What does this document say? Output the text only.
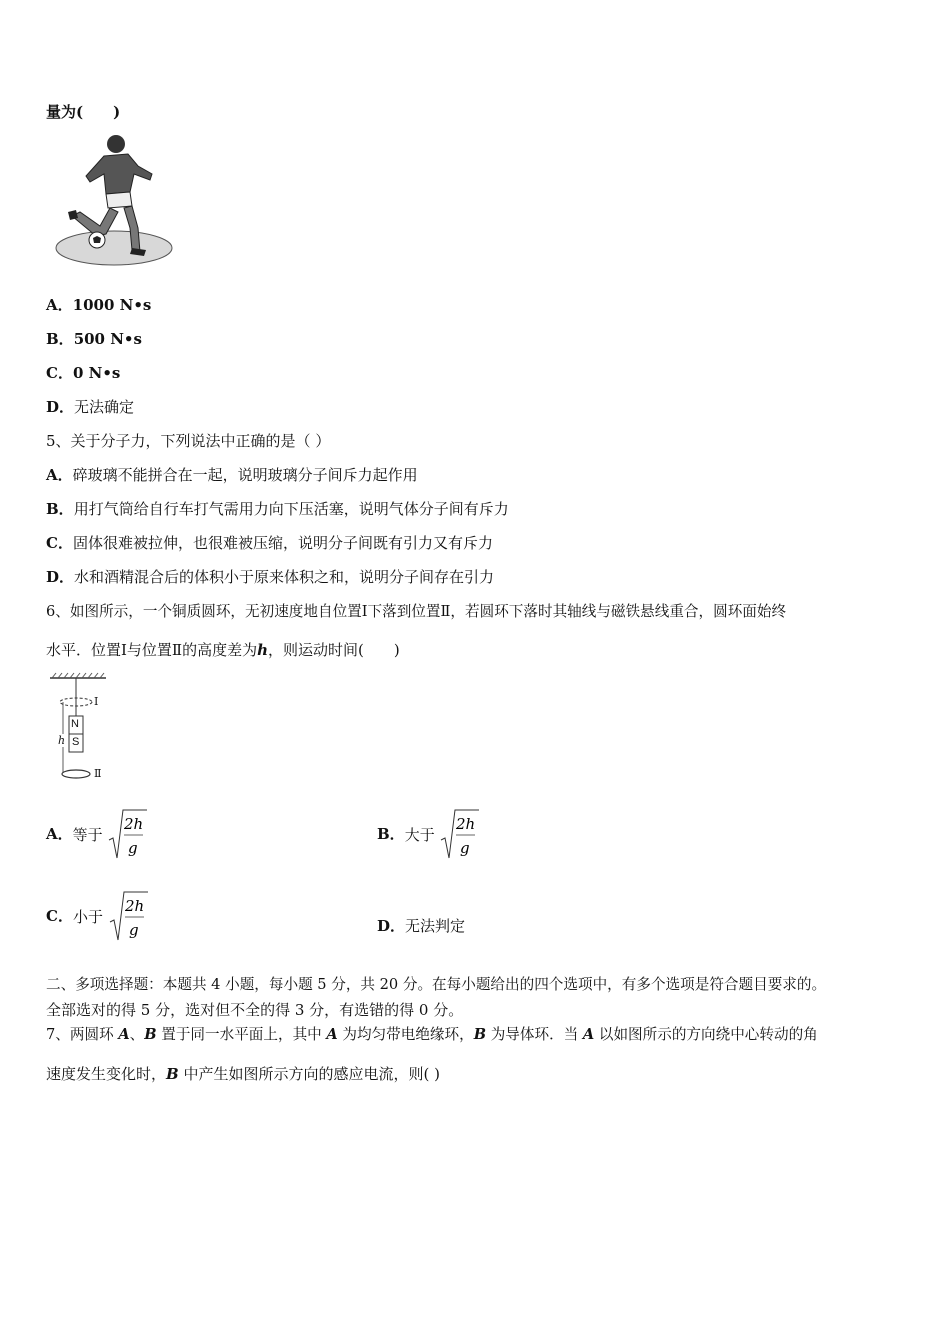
量为(　　)
A．1000 N•s
B．500 N•s
C．0 N•s
D．无法确定
5、关于分子力，下列说法中正确的是（ ）
A．碎玻璃不能拼合在一起，说明玻璃分子间斥力起作用
B．用打气筒给自行车打气需用力向下压活塞，说明气体分子间有斥力
C．固体很难被拉伸，也很难被压缩，说明分子间既有引力又有斥力
D．水和酒精混合后的体积小于原来体积之和，说明分子间存在引力
6、如图所示，一个铜质圆环，无初速度地自位置Ⅰ下落到位置Ⅱ，若圆环下落时其轴线与磁铁悬线重合，圆环面始终
水平．位置Ⅰ与位置Ⅱ的高度差为h，则运动时间(　　)
Ⅰ
Ⅱ
N
S
h
A．等于
2h
g
B．大于
2h
g
C．小于
2h
g	D．无法判定
二、多项选择题：本题共 4 小题，每小题 5 分，共 20 分。在每小题给出的四个选项中，有多个选项是符合题目要求的。
全部选对的得 5 分，选对但不全的得 3 分，有选错的得 0 分。
7、两圆环 A、B 置于同一水平面上，其中 A 为均匀带电绝缘环，B 为导体环．当 A 以如图所示的方向绕中心转动的角
速度发生变化时，B 中产生如图所示方向的感应电流，则( )
